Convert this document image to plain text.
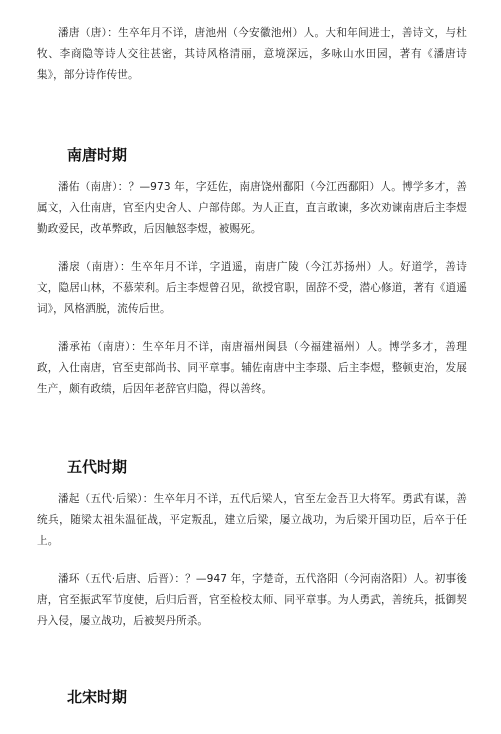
潘唐（唐）：生卒年月不详，唐池州（今安徽池州）人。大和年间进士，善诗文，与杜牧、李商隐等诗人交往甚密，其诗风格清丽，意境深远，多咏山水田园，著有《潘唐诗集》，部分诗作传世。

南唐时期

潘佑（南唐）：？—973 年，字廷佐，南唐饶州鄱阳（今江西鄱阳）人。博学多才，善属文，入仕南唐，官至内史舍人、户部侍郎。为人正直，直言敢谏，多次劝谏南唐后主李煜勤政爱民，改革弊政，后因触怒李煜，被赐死。

潘扆（南唐）：生卒年月不详，字逍遥，南唐广陵（今江苏扬州）人。好道学，善诗文，隐居山林，不慕荣利。后主李煜曾召见，欲授官职，固辞不受，潜心修道，著有《逍遥词》，风格洒脱，流传后世。

潘承祐（南唐）：生卒年月不详，南唐福州闽县（今福建福州）人。博学多才，善理政，入仕南唐，官至吏部尚书、同平章事。辅佐南唐中主李璟、后主李煜，整顿吏治，发展生产，颇有政绩，后因年老辞官归隐，得以善终。

五代时期

潘起（五代·后梁）：生卒年月不详，五代后梁人，官至左金吾卫大将军。勇武有谋，善统兵，随梁太祖朱温征战，平定叛乱，建立后梁，屡立战功，为后梁开国功臣，后卒于任上。

潘环（五代·后唐、后晋）：？—947 年，字楚奇，五代洛阳（今河南洛阳）人。初事後唐，官至振武军节度使，后归后晋，官至检校太师、同平章事。为人勇武，善统兵，抵御契丹入侵，屡立战功，后被契丹所杀。

北宋时期
